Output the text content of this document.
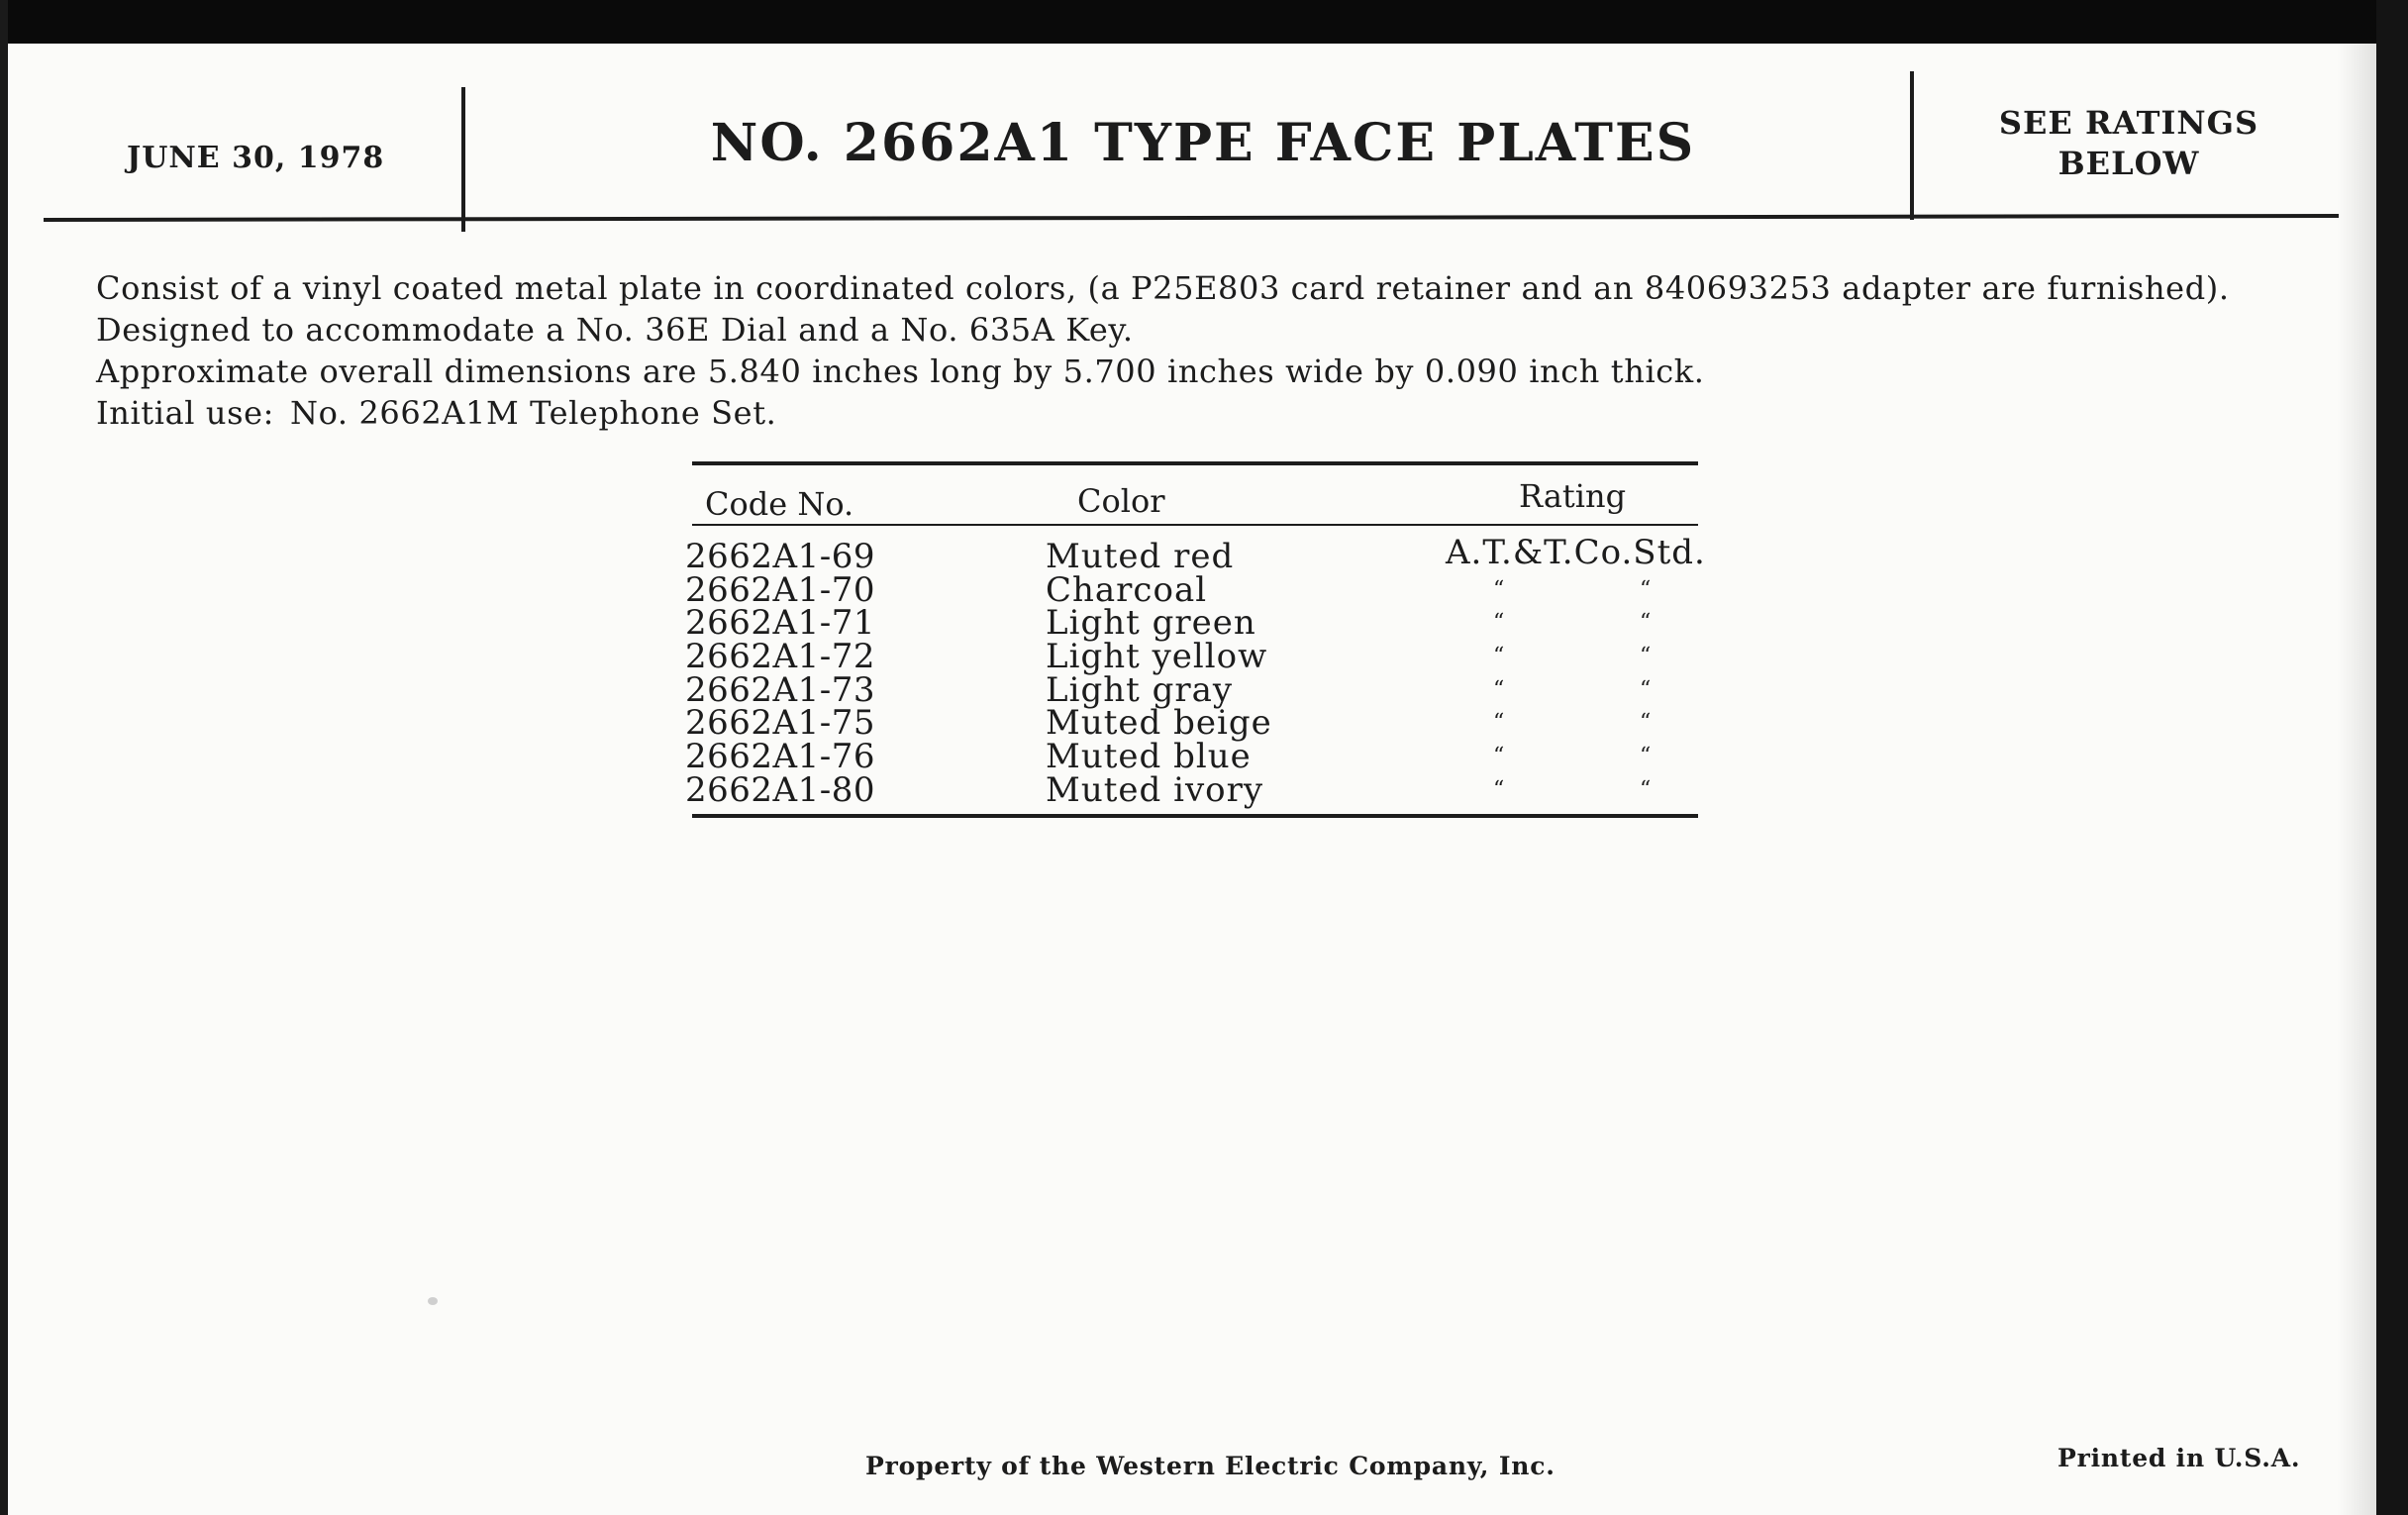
JUNE 30, 1978	NO. 2662A1 TYPE FACE PLATES	SEE RATINGS
BELOW

Consist of a vinyl coated metal plate in coordinated colors, (a P25E803 card retainer and an 840693253 adapter are furnished).

Designed to accommodate a No. 36E Dial and a No. 635A Key.

Approximate overall dimensions are 5.840 inches long by 5.700 inches wide by 0.090 inch thick.

Initial use: No. 2662A1M Telephone Set.

Code No.	Color	Rating
2662A1-69	Muted red	A.T.&T.Co.Std.
2662A1-70	Charcoal	“	“
2662A1-71	Light green	“	“
2662A1-72	Light yellow	“	“
2662A1-73	Light gray	“	“
2662A1-75	Muted beige	“	“
2662A1-76	Muted blue	“	“
2662A1-80	Muted ivory	“	“
Property of the Western Electric Company, Inc.	Printed in U.S.A.
